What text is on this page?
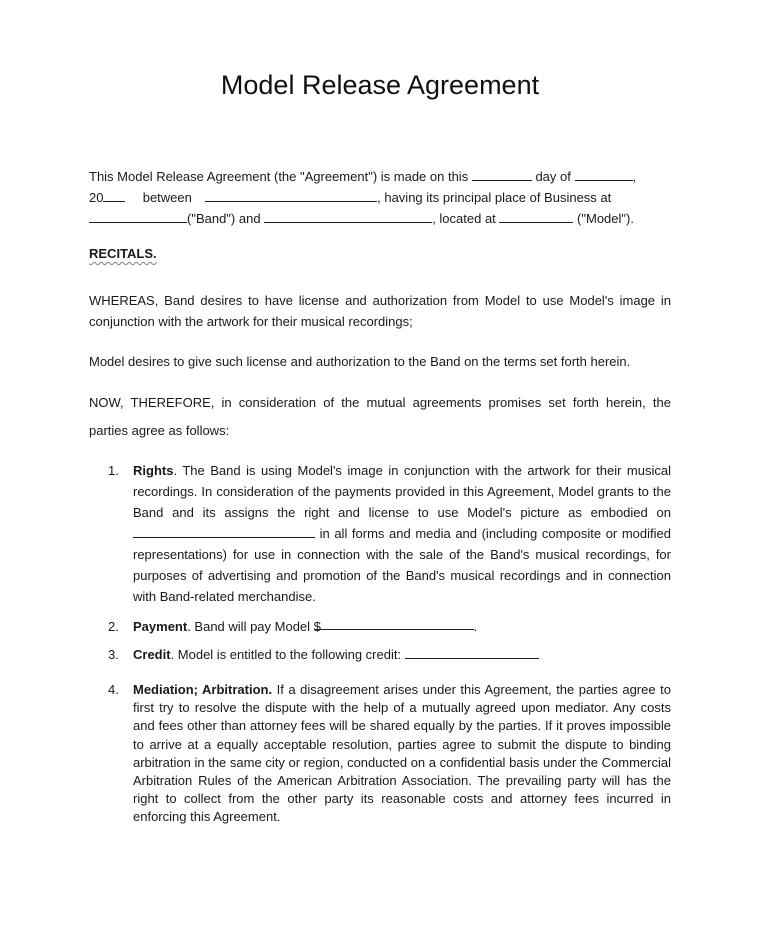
Model Release Agreement
This Model Release Agreement (the "Agreement") is made on this	day of	,
20	between	, having its principal place of Business at
("Band") and	, located at	("Model").
RECITALS.
WHEREAS, Band desires to have license and authorization from Model to use Model's image in conjunction with the artwork for their musical recordings;
Model desires to give such license and authorization to the Band on the terms set forth herein.
NOW, THEREFORE, in consideration of the mutual agreements promises set forth herein, the parties agree as follows:
1. Rights. The Band is using Model's image in conjunction with the artwork for their musical recordings. In consideration of the payments provided in this Agreement, Model grants to the Band and its assigns the right and license to use Model's picture as embodied on  in all forms and media and (including composite or modified representations) for use in connection with the sale of the Band's musical recordings, for purposes of advertising and promotion of the Band's musical recordings and in connection with Band-related merchandise.
2. Payment. Band will pay Model $	.
3. Credit. Model is entitled to the following credit:
4. Mediation; Arbitration. If a disagreement arises under this Agreement, the parties agree to first try to resolve the dispute with the help of a mutually agreed upon mediator. Any costs and fees other than attorney fees will be shared equally by the parties. If it proves impossible to arrive at a equally acceptable resolution, parties agree to submit the dispute to binding arbitration in the same city or region, conducted on a confidential basis under the Commercial Arbitration Rules of the American Arbitration Association. The prevailing party will has the right to collect from the other party its reasonable costs and attorney fees incurred in enforcing this Agreement.
